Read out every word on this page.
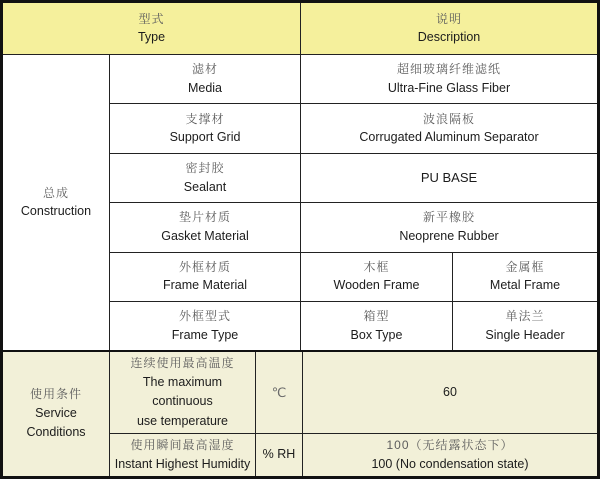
型式
Type
说明
Description
总成
Construction
滤材
Media
超细玻璃纤维滤纸
Ultra-Fine Glass Fiber
支撑材
Support Grid
波浪隔板
Corrugated Aluminum Separator
密封胶
Sealant
PU BASE
垫片材质
Gasket Material
新平橡胶
Neoprene Rubber
外框材质
Frame Material
木框
Wooden Frame
金属框
Metal Frame
外框型式
Frame Type
箱型
Box Type
单法兰
Single Header
使用条件
Service
Conditions
连续使用最高温度
The maximum continuous
use temperature
℃	60
使用瞬间最高湿度
Instant Highest Humidity
% RH
100（无结露状态下）
100 (No condensation state)
